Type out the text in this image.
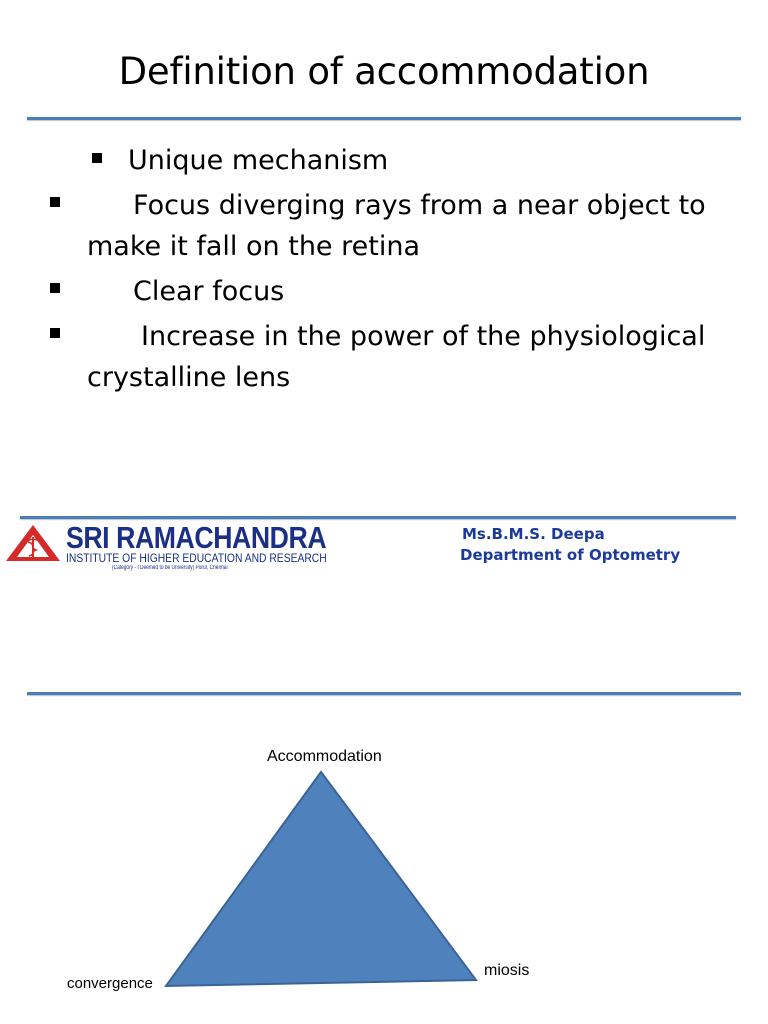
Definition of accommodation
Unique mechanism
Focus diverging rays from a near object to
make it fall on the retina
Clear focus
Increase in the power of the physiological
crystalline lens
SRI RAMACHANDRA
INSTITUTE OF HIGHER EDUCATION AND RESEARCH
(Category - I Deemed to be University) Porur, Chennai
Ms.B.M.S. Deepa
Department of Optometry
Accommodation
miosis
convergence
